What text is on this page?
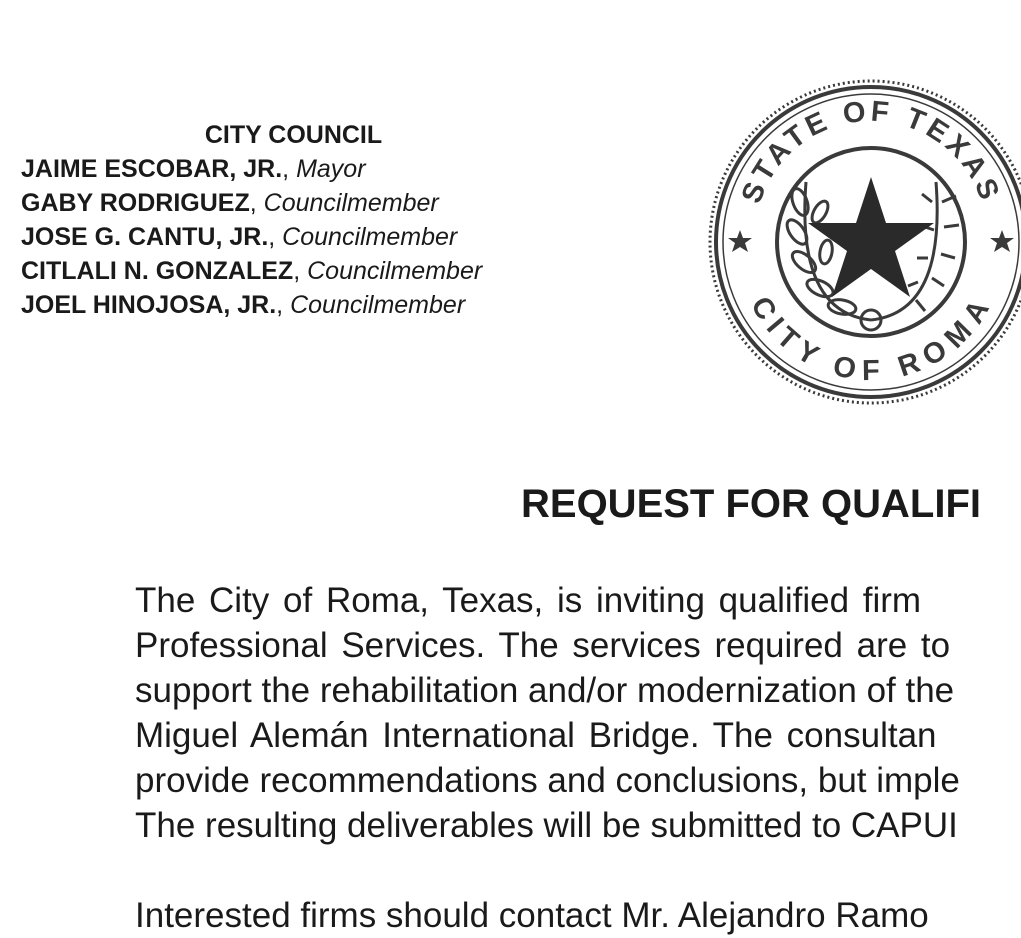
CITY COUNCIL

JAIME ESCOBAR, JR., Mayor

GABY RODRIGUEZ, Councilmember

JOSE G. CANTU, JR., Councilmember

CITLALI N. GONZALEZ, Councilmember

JOEL HINOJOSA, JR., Councilmember

STATE OF TEXAS
CITY OF ROMA
REQUEST FOR QUALIFI
The City of Roma, Texas, is inviting qualified firm
Professional Services. The services required are to
support the rehabilitation and/or modernization of the
Miguel Alemán International Bridge. The consultan
provide recommendations and conclusions, but imple
The resulting deliverables will be submitted to CAPUI
Interested firms should contact Mr. Alejandro Ramo
